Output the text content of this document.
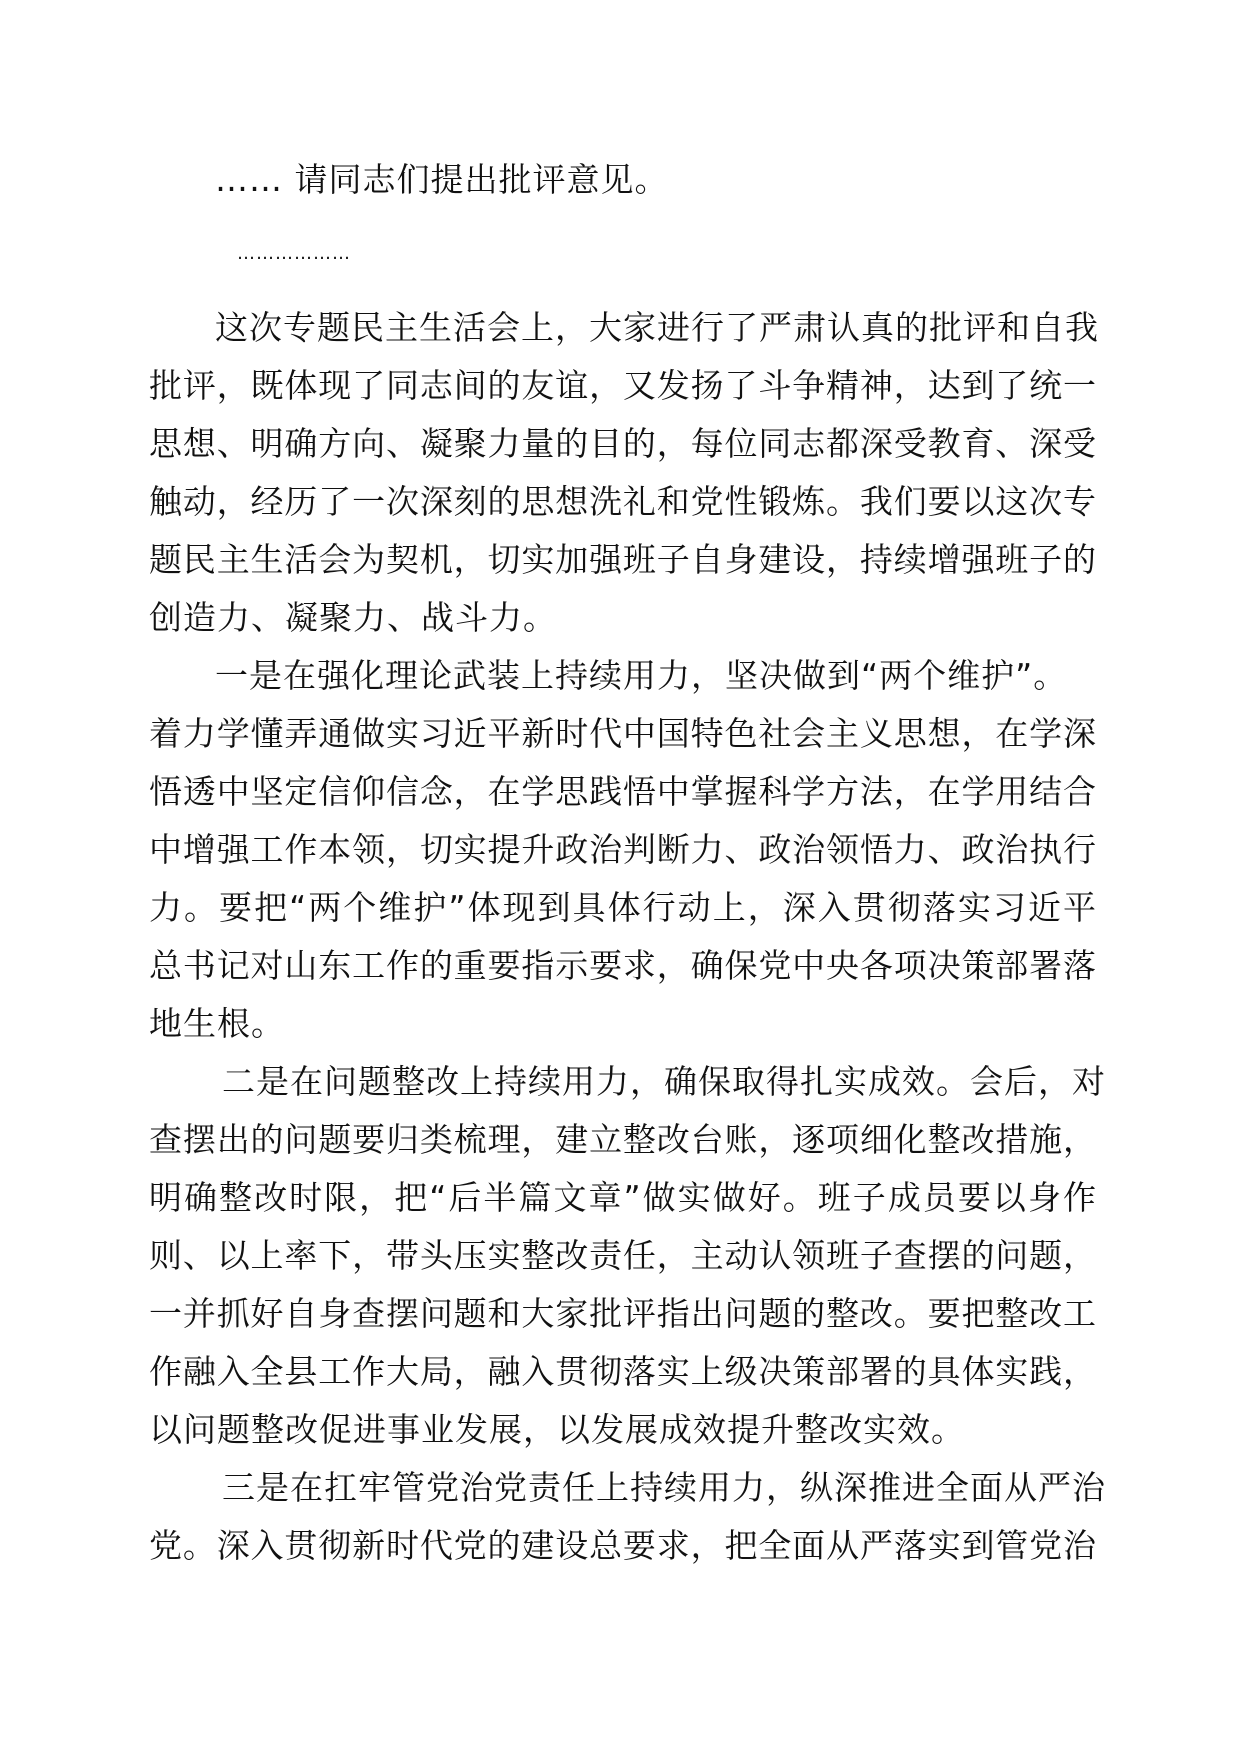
…… 请同志们提出批评意见。
………………
这次专题民主生活会上，大家进行了严肃认真的批评和自我
批评，既体现了同志间的友谊，又发扬了斗争精神，达到了统一
思想、明确方向、凝聚力量的目的，每位同志都深受教育、深受
触动，经历了一次深刻的思想洗礼和党性锻炼。我们要以这次专
题民主生活会为契机，切实加强班子自身建设，持续增强班子的
创造力、凝聚力、战斗力。
一是在强化理论武装上持续用力，坚决做到“两个维护”。
着力学懂弄通做实习近平新时代中国特色社会主义思想，在学深
悟透中坚定信仰信念，在学思践悟中掌握科学方法，在学用结合
中增强工作本领，切实提升政治判断力、政治领悟力、政治执行
力。要把“两个维护”体现到具体行动上，深入贯彻落实习近平
总书记对山东工作的重要指示要求，确保党中央各项决策部署落
地生根。
二是在问题整改上持续用力，确保取得扎实成效。会后，对
查摆出的问题要归类梳理，建立整改台账，逐项细化整改措施，
明确整改时限，把“后半篇文章”做实做好。班子成员要以身作
则、以上率下，带头压实整改责任，主动认领班子查摆的问题，
一并抓好自身查摆问题和大家批评指出问题的整改。要把整改工
作融入全县工作大局，融入贯彻落实上级决策部署的具体实践，
以问题整改促进事业发展，以发展成效提升整改实效。
三是在扛牢管党治党责任上持续用力，纵深推进全面从严治
党。深入贯彻新时代党的建设总要求，把全面从严落实到管党治
